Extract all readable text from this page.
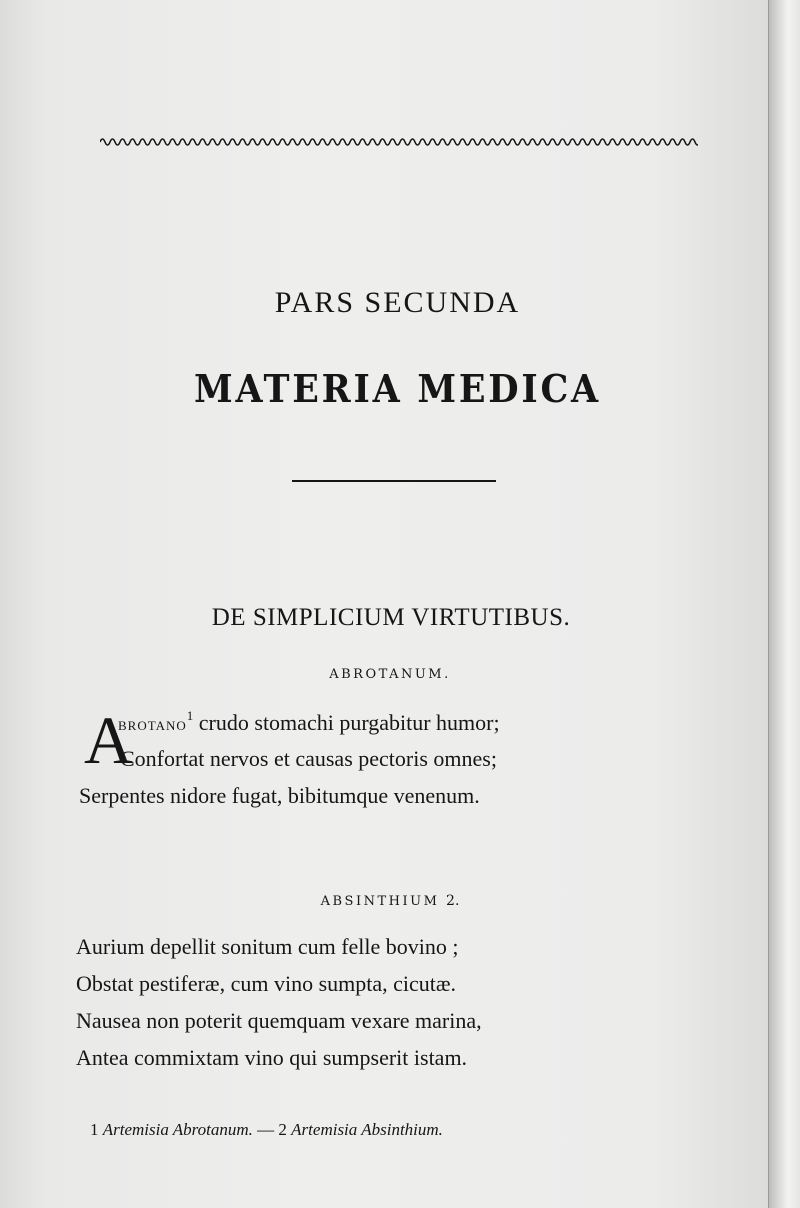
PARS SECUNDA
MATERIA MEDICA
DE SIMPLICIUM VIRTUTIBUS.
ABROTANUM.
A
BROTANO$^1$ crudo stomachi purgabitur humor;
Confortat nervos et causas pectoris omnes;
Serpentes nidore fugat, bibitumque venenum.
ABSINTHIUM 2.
Aurium depellit sonitum cum felle bovino ;
Obstat pestiferæ, cum vino sumpta, cicutæ.
Nausea non poterit quemquam vexare marina,
Antea commixtam vino qui sumpserit istam.
1 Artemisia Abrotanum. — 2 Artemisia Absinthium.
